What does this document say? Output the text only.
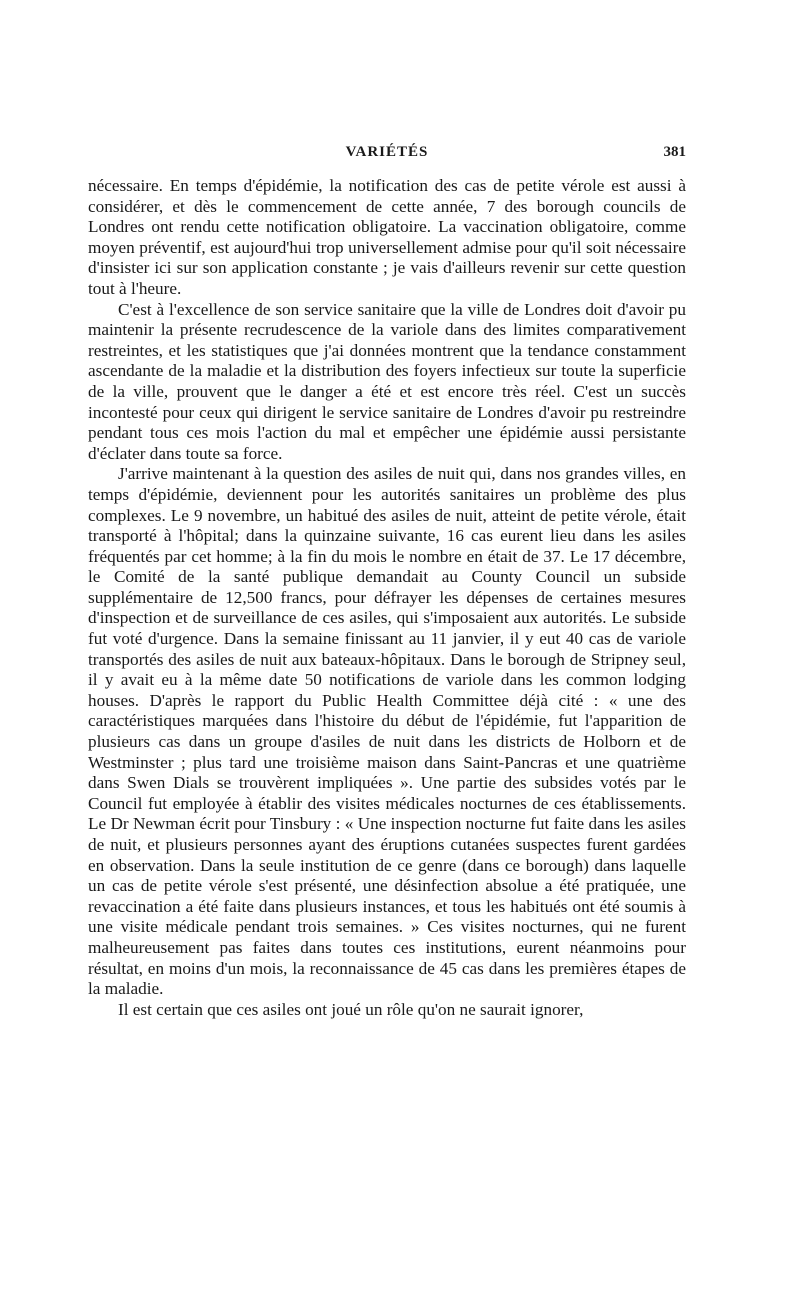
VARIÉTÉS	381

nécessaire. En temps d'épidémie, la notification des cas de petite vérole est aussi à considérer, et dès le commencement de cette année, 7 des borough councils de Londres ont rendu cette notification obligatoire. La vaccination obligatoire, comme moyen préventif, est aujourd'hui trop universellement admise pour qu'il soit nécessaire d'insister ici sur son application constante ; je vais d'ailleurs revenir sur cette question tout à l'heure.

C'est à l'excellence de son service sanitaire que la ville de Londres doit d'avoir pu maintenir la présente recrudescence de la variole dans des limites comparativement restreintes, et les statistiques que j'ai données montrent que la tendance constamment ascendante de la maladie et la distribution des foyers infectieux sur toute la superficie de la ville, prouvent que le danger a été et est encore très réel. C'est un succès incontesté pour ceux qui dirigent le service sanitaire de Londres d'avoir pu restreindre pendant tous ces mois l'action du mal et empêcher une épidémie aussi persistante d'éclater dans toute sa force.

J'arrive maintenant à la question des asiles de nuit qui, dans nos grandes villes, en temps d'épidémie, deviennent pour les autorités sanitaires un problème des plus complexes. Le 9 novembre, un habitué des asiles de nuit, atteint de petite vérole, était transporté à l'hôpital; dans la quinzaine suivante, 16 cas eurent lieu dans les asiles fréquentés par cet homme; à la fin du mois le nombre en était de 37. Le 17 décembre, le Comité de la santé publique demandait au County Council un subside supplémentaire de 12,500 francs, pour défrayer les dépenses de certaines mesures d'inspection et de surveillance de ces asiles, qui s'imposaient aux autorités. Le subside fut voté d'urgence. Dans la semaine finissant au 11 janvier, il y eut 40 cas de variole transportés des asiles de nuit aux bateaux-hôpitaux. Dans le borough de Stripney seul, il y avait eu à la même date 50 notifications de variole dans les common lodging houses. D'après le rapport du Public Health Committee déjà cité : « une des caractéristiques marquées dans l'histoire du début de l'épidémie, fut l'apparition de plusieurs cas dans un groupe d'asiles de nuit dans les districts de Holborn et de Westminster ; plus tard une troisième maison dans Saint-Pancras et une quatrième dans Swen Dials se trouvèrent impliquées ». Une partie des subsides votés par le Council fut employée à établir des visites médicales nocturnes de ces établissements. Le Dr Newman écrit pour Tinsbury : « Une inspection nocturne fut faite dans les asiles de nuit, et plusieurs personnes ayant des éruptions cutanées suspectes furent gardées en observation. Dans la seule institution de ce genre (dans ce borough) dans laquelle un cas de petite vérole s'est présenté, une désinfection absolue a été pratiquée, une revaccination a été faite dans plusieurs instances, et tous les habitués ont été soumis à une visite médicale pendant trois semaines. » Ces visites nocturnes, qui ne furent malheureusement pas faites dans toutes ces institutions, eurent néanmoins pour résultat, en moins d'un mois, la reconnaissance de 45 cas dans les premières étapes de la maladie.

Il est certain que ces asiles ont joué un rôle qu'on ne saurait ignorer,
